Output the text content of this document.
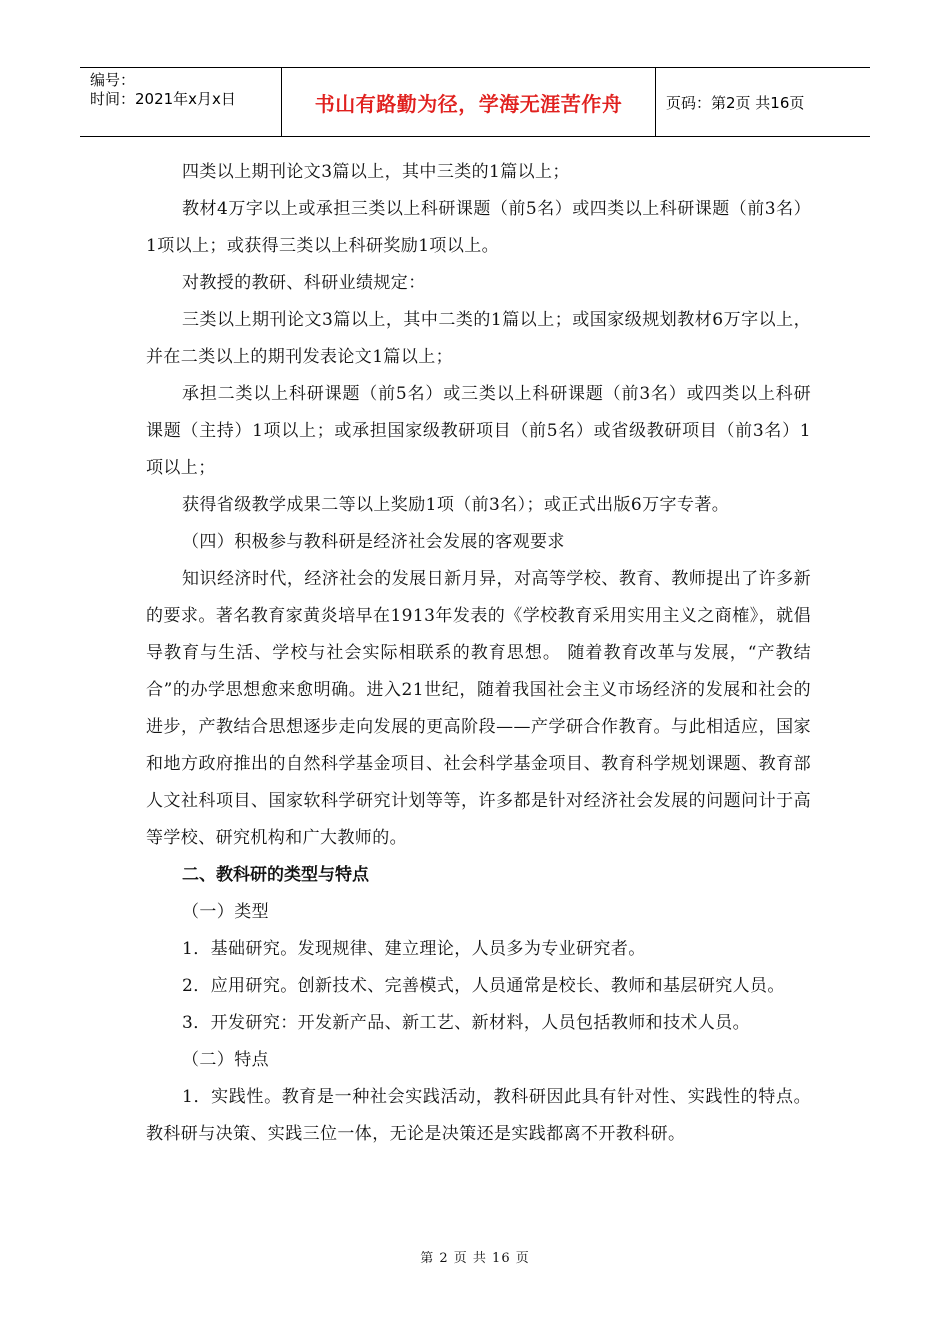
编号：
时间：2021年x月x日	书山有路勤为径，学海无涯苦作舟	页码：第2页 共16页

四类以上期刊论文3篇以上，其中三类的1篇以上；

教材4万字以上或承担三类以上科研课题（前5名）或四类以上科研课题（前3名）1项以上；或获得三类以上科研奖励1项以上。

对教授的教研、科研业绩规定：

三类以上期刊论文3篇以上，其中二类的1篇以上；或国家级规划教材6万字以上，并在二类以上的期刊发表论文1篇以上；

承担二类以上科研课题（前5名）或三类以上科研课题（前3名）或四类以上科研课题（主持）1项以上；或承担国家级教研项目（前5名）或省级教研项目（前3名）1项以上；

获得省级教学成果二等以上奖励1项（前3名）；或正式出版6万字专著。

（四）积极参与教科研是经济社会发展的客观要求

知识经济时代，经济社会的发展日新月异，对高等学校、教育、教师提出了许多新的要求。著名教育家黄炎培早在1913年发表的《学校教育采用实用主义之商榷》，就倡导教育与生活、学校与社会实际相联系的教育思想。 随着教育改革与发展，“产教结合”的办学思想愈来愈明确。进入21世纪，随着我国社会主义市场经济的发展和社会的进步，产教结合思想逐步走向发展的更高阶段——产学研合作教育。与此相适应，国家和地方政府推出的自然科学基金项目、社会科学基金项目、教育科学规划课题、教育部人文社科项目、国家软科学研究计划等等，许多都是针对经济社会发展的问题问计于高等学校、研究机构和广大教师的。

二、教科研的类型与特点

（一）类型

1．基础研究。发现规律、建立理论，人员多为专业研究者。

2．应用研究。创新技术、完善模式，人员通常是校长、教师和基层研究人员。

3．开发研究：开发新产品、新工艺、新材料，人员包括教师和技术人员。

（二）特点

1．实践性。教育是一种社会实践活动，教科研因此具有针对性、实践性的特点。教科研与决策、实践三位一体，无论是决策还是实践都离不开教科研。

第 2 页 共 16 页
